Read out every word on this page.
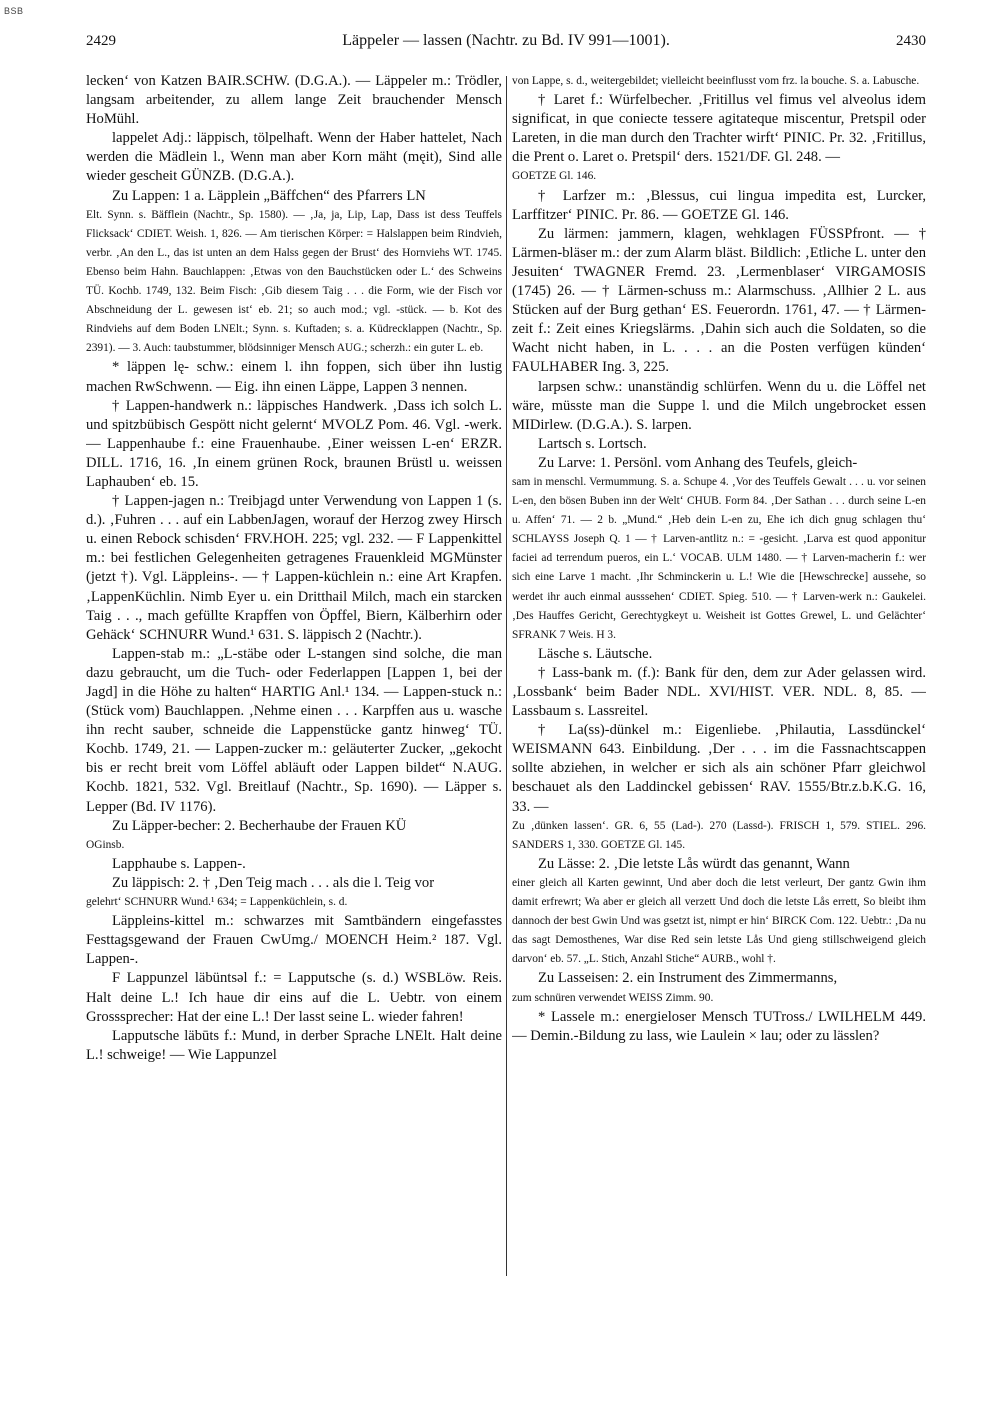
BSB
2429	Läppeler — lassen (Nachtr. zu Bd. IV 991—1001).	2430

lecken‘ von Katzen BAIR.SCHW. (D.G.A.). — Läppeler m.: Trödler, langsam arbeitender, zu allem lange Zeit brauchender Mensch HoMühl.

lappelet Adj.: läppisch, tölpelhaft. Wenn der Haber hattelet, Nach werden die Mädlein l., Wenn man aber Korn mäht (męit), Sind alle wieder gescheit GÜNZB. (D.G.A.).

Zu Lappen: 1 a. Läpplein „Bäffchen“ des Pfarrers LN

Elt. Synn. s. Bäfflein (Nachtr., Sp. 1580). — ‚Ja, ja, Lip, Lap, Dass ist dess Teuffels Flicksack‘ CDIET. Weish. 1, 826. — Am tierischen Körper: = Halslappen beim Rindvieh, verbr. ‚An den L., das ist unten an dem Halss gegen der Brust‘ des Hornviehs WT. 1745. Ebenso beim Hahn. Bauchlappen: ‚Etwas von den Bauchstücken oder L.‘ des Schweins TÜ. Kochb. 1749, 132. Beim Fisch: ‚Gib diesem Taig . . . die Form, wie der Fisch vor Abschneidung der L. gewesen ist‘ eb. 21; so auch mod.; vgl. -stück. — b. Kot des Rindviehs auf dem Boden LNElt.; Synn. s. Kuftaden; s. a. Küdrecklappen (Nachtr., Sp. 2391). — 3. Auch: taubstummer, blödsinniger Mensch AUG.; scherzh.: ein guter L. eb.

* läppen lę- schw.: einem l. ihn foppen, sich über ihn lustig machen RwSchwenn. — Eig. ihn einen Läppe, Lappen 3 nennen.

† Lappen-handwerk n.: läppisches Handwerk. ‚Dass ich solch L. und spitzbübisch Gespött nicht gelernt‘ MVOLZ Pom. 46. Vgl. -werk. — Lappenhaube f.: eine Frauenhaube. ‚Einer weissen L-en‘ ERZR. DILL. 1716, 16. ‚In einem grünen Rock, braunen Brüstl u. weissen Laphauben‘ eb. 15.

† Lappen-jagen n.: Treibjagd unter Verwendung von Lappen 1 (s. d.). ‚Fuhren . . . auf ein LabbenJagen, worauf der Herzog zwey Hirsch u. einen Rebock schisden‘ FRV.HOH. 225; vgl. 232. — F Lappenkittel m.: bei festlichen Gelegenheiten getragenes Frauenkleid MGMünster (jetzt †). Vgl. Läppleins-. — † Lappen-küchlein n.: eine Art Krapfen. ‚LappenKüchlin. Nimb Eyer u. ein Dritthail Milch, mach ein starcken Taig . . ., mach gefüllte Krapffen von Öpffel, Biern, Kälberhirn oder Gehäck‘ SCHNURR Wund.¹ 631. S. läppisch 2 (Nachtr.).

Lappen-stab m.: „L-stäbe oder L-stangen sind solche, die man dazu gebraucht, um die Tuch- oder Federlappen [Lappen 1, bei der Jagd] in die Höhe zu halten“ HARTIG Anl.¹ 134. — Lappen-stuck n.: (Stück vom) Bauchlappen. ‚Nehme einen . . . Karpffen aus u. wasche ihn recht sauber, schneide die Lappenstücke gantz hinweg‘ TÜ. Kochb. 1749, 21. — Lappen-zucker m.: geläuterter Zucker, „gekocht bis er recht breit vom Löffel abläuft oder Lappen bildet“ N.AUG. Kochb. 1821, 532. Vgl. Breitlauf (Nachtr., Sp. 1690). — Läpper s. Lepper (Bd. IV 1176).

Zu Läpper-becher: 2. Becherhaube der Frauen KÜ

OGinsb.

Lapphaube s. Lappen-.

Zu läppisch: 2. † ‚Den Teig mach . . . als die l. Teig vor

gelehrt‘ SCHNURR Wund.¹ 634; = Lappenküchlein, s. d.

Läppleins-kittel m.: schwarzes mit Samtbändern eingefasstes Festtagsgewand der Frauen CwUmg./ MOENCH Heim.² 187. Vgl. Lappen-.

F Lappunzel läbüntsəl f.: = Lapputsche (s. d.) WSBLöw. Reis. Halt deine L.! Ich haue dir eins auf die L. Uebtr. von einem Grosssprecher: Hat der eine L.! Der lasst seine L. wieder fahren!

Lapputsche läbūts f.: Mund, in derber Sprache LNElt. Halt deine L.! schweige! — Wie Lappunzel

von Lappe, s. d., weitergebildet; vielleicht beeinflusst vom frz. la bouche. S. a. Labusche.

† Laret f.: Würfelbecher. ‚Fritillus vel fimus vel alveolus idem significat, in que coniecte tessere agitateque miscentur, Pretspil oder Lareten, in die man durch den Trachter wirft‘ PINIC. Pr. 32. ‚Fritillus, die Prent o. Laret o. Pretspil‘ ders. 1521/DF. Gl. 248. —

GOETZE Gl. 146.

† Larfzer m.: ‚Blessus, cui lingua impedita est, Lurcker, Larffitzer‘ PINIC. Pr. 86. — GOETZE Gl. 146.

Zu lärmen: jammern, klagen, wehklagen FÜSSPfront. — † Lärmen-bläser m.: der zum Alarm bläst. Bildlich: ‚Etliche L. unter den Jesuiten‘ TWAGNER Fremd. 23. ‚Lermenblaser‘ VIRGAMOSIS (1745) 26. — † Lärmen-schuss m.: Alarmschuss. ‚Allhier 2 L. aus Stücken auf der Burg gethan‘ ES. Feuerordn. 1761, 47. — † Lärmen-zeit f.: Zeit eines Kriegslärms. ‚Dahin sich auch die Soldaten, so die Wacht nicht haben, in L. . . . an die Posten verfügen künden‘ FAULHABER Ing. 3, 225.

larpsen schw.: unanständig schlürfen. Wenn du u. die Löffel net wäre, müsste man die Suppe l. und die Milch ungebrocket essen MIDirlew. (D.G.A.). S. larpen.

Lartsch s. Lortsch.

Zu Larve: 1. Persönl. vom Anhang des Teufels, gleich-

sam in menschl. Vermummung. S. a. Schupe 4. ‚Vor des Teuffels Gewalt . . . u. vor seinen L-en, den bösen Buben inn der Welt‘ CHUB. Form 84. ‚Der Sathan . . . durch seine L-en u. Affen‘ 71. — 2 b. „Mund.“ ‚Heb dein L-en zu, Ehe ich dich gnug schlagen thu‘ SCHLAYSS Joseph Q. 1 — † Larven-antlitz n.: = -gesicht. ‚Larva est quod apponitur faciei ad terrendum pueros, ein L.‘ VOCAB. ULM 1480. — † Larven-macherin f.: wer sich eine Larve 1 macht. ‚Ihr Schminckerin u. L.! Wie die [Hewschrecke] aussehe, so werdet ihr auch einmal ausssehen‘ CDIET. Spieg. 510. — † Larven-werk n.: Gaukelei. ‚Des Hauffes Gericht, Gerechtygkeyt u. Weisheit ist Gottes Grewel, L. und Gelächter‘ SFRANK 7 Weis. H 3.

Läsche s. Läutsche.

† Lass-bank m. (f.): Bank für den, dem zur Ader gelassen wird. ‚Lossbank‘ beim Bader NDL. XVI/HIST. VER. NDL. 8, 85. — Lassbaum s. Lassreitel.

† La(ss)-dünkel m.: Eigenliebe. ‚Philautia, Lassdünckel‘ WEISMANN 643. Einbildung. ‚Der . . . im die Fassnachtscappen sollte abziehen, in welcher er sich als ain schöner Pfarr gleichwol beschauet als den Laddinckel gebissen‘ RAV. 1555/Btr.z.b.K.G. 16, 33. —

Zu ‚dünken lassen‘. GR. 6, 55 (Lad-). 270 (Lassd-). FRISCH 1, 579. STIEL. 296. SANDERS 1, 330. GOETZE Gl. 145.

Zu Lässe: 2. ‚Die letste Lås würdt das genannt, Wann

einer gleich all Karten gewinnt, Und aber doch die letst verleurt, Der gantz Gwin ihm damit erfrewrt; Wa aber er gleich all verzett Und doch die letste Lås errett, So bleibt ihm dannoch der best Gwin Und was gsetzt ist, nimpt er hin‘ BIRCK Com. 122. Uebtr.: ‚Da nu das sagt Demosthenes, War dise Red sein letste Lås Und gieng stillschweigend gleich darvon‘ eb. 57. „L. Stich, Anzahl Stiche“ AURB., wohl †.

Zu Lasseisen: 2. ein Instrument des Zimmermanns,

zum schnüren verwendet WEISS Zimm. 90.

* Lassele m.: energieloser Mensch TUTross./ LWILHELM 449. — Demin.-Bildung zu lass, wie Laulein × lau; oder zu lässlen?
